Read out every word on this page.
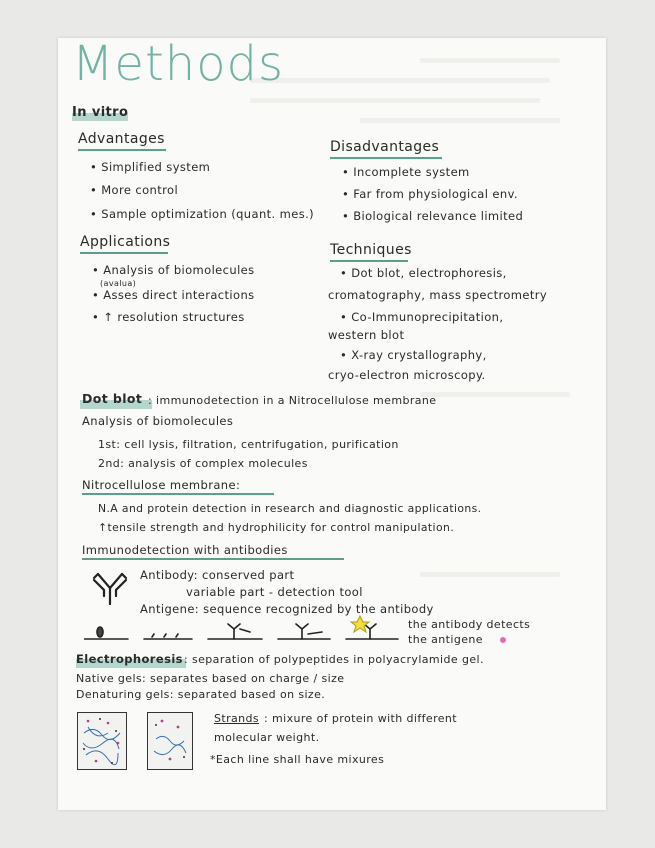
Methods
In vitro
Advantages
• Simplified system
• More control
• Sample optimization (quant. mes.)
Disadvantages
• Incomplete system
• Far from physiological env.
• Biological relevance limited
Applications
• Analysis of biomolecules
(avalua)
• Asses direct interactions
• ↑ resolution structures
Techniques
• Dot blot, electrophoresis,
cromatography, mass spectrometry
• Co-Immunoprecipitation,
western blot
• X-ray crystallography,
cryo-electron microscopy.
Dot blot : immunodetection in a Nitrocellulose membrane
Analysis of biomolecules
1st: cell lysis, filtration, centrifugation, purification
2nd: analysis of complex molecules
Nitrocellulose membrane:
N.A and protein detection in research and diagnostic applications.
↑tensile strength and hydrophilicity for control manipulation.
Immunodetection with antibodies
Antibody: conserved part
variable part - detection tool
Antigene: sequence recognized by the antibody
the antibody detects
the antigene
Electrophoresis : separation of polypeptides in polyacrylamide gel.
Native gels: separates based on charge / size
Denaturing gels: separated based on size.
Strands : mixure of protein with different
molecular weight.
*Each line shall have mixures
